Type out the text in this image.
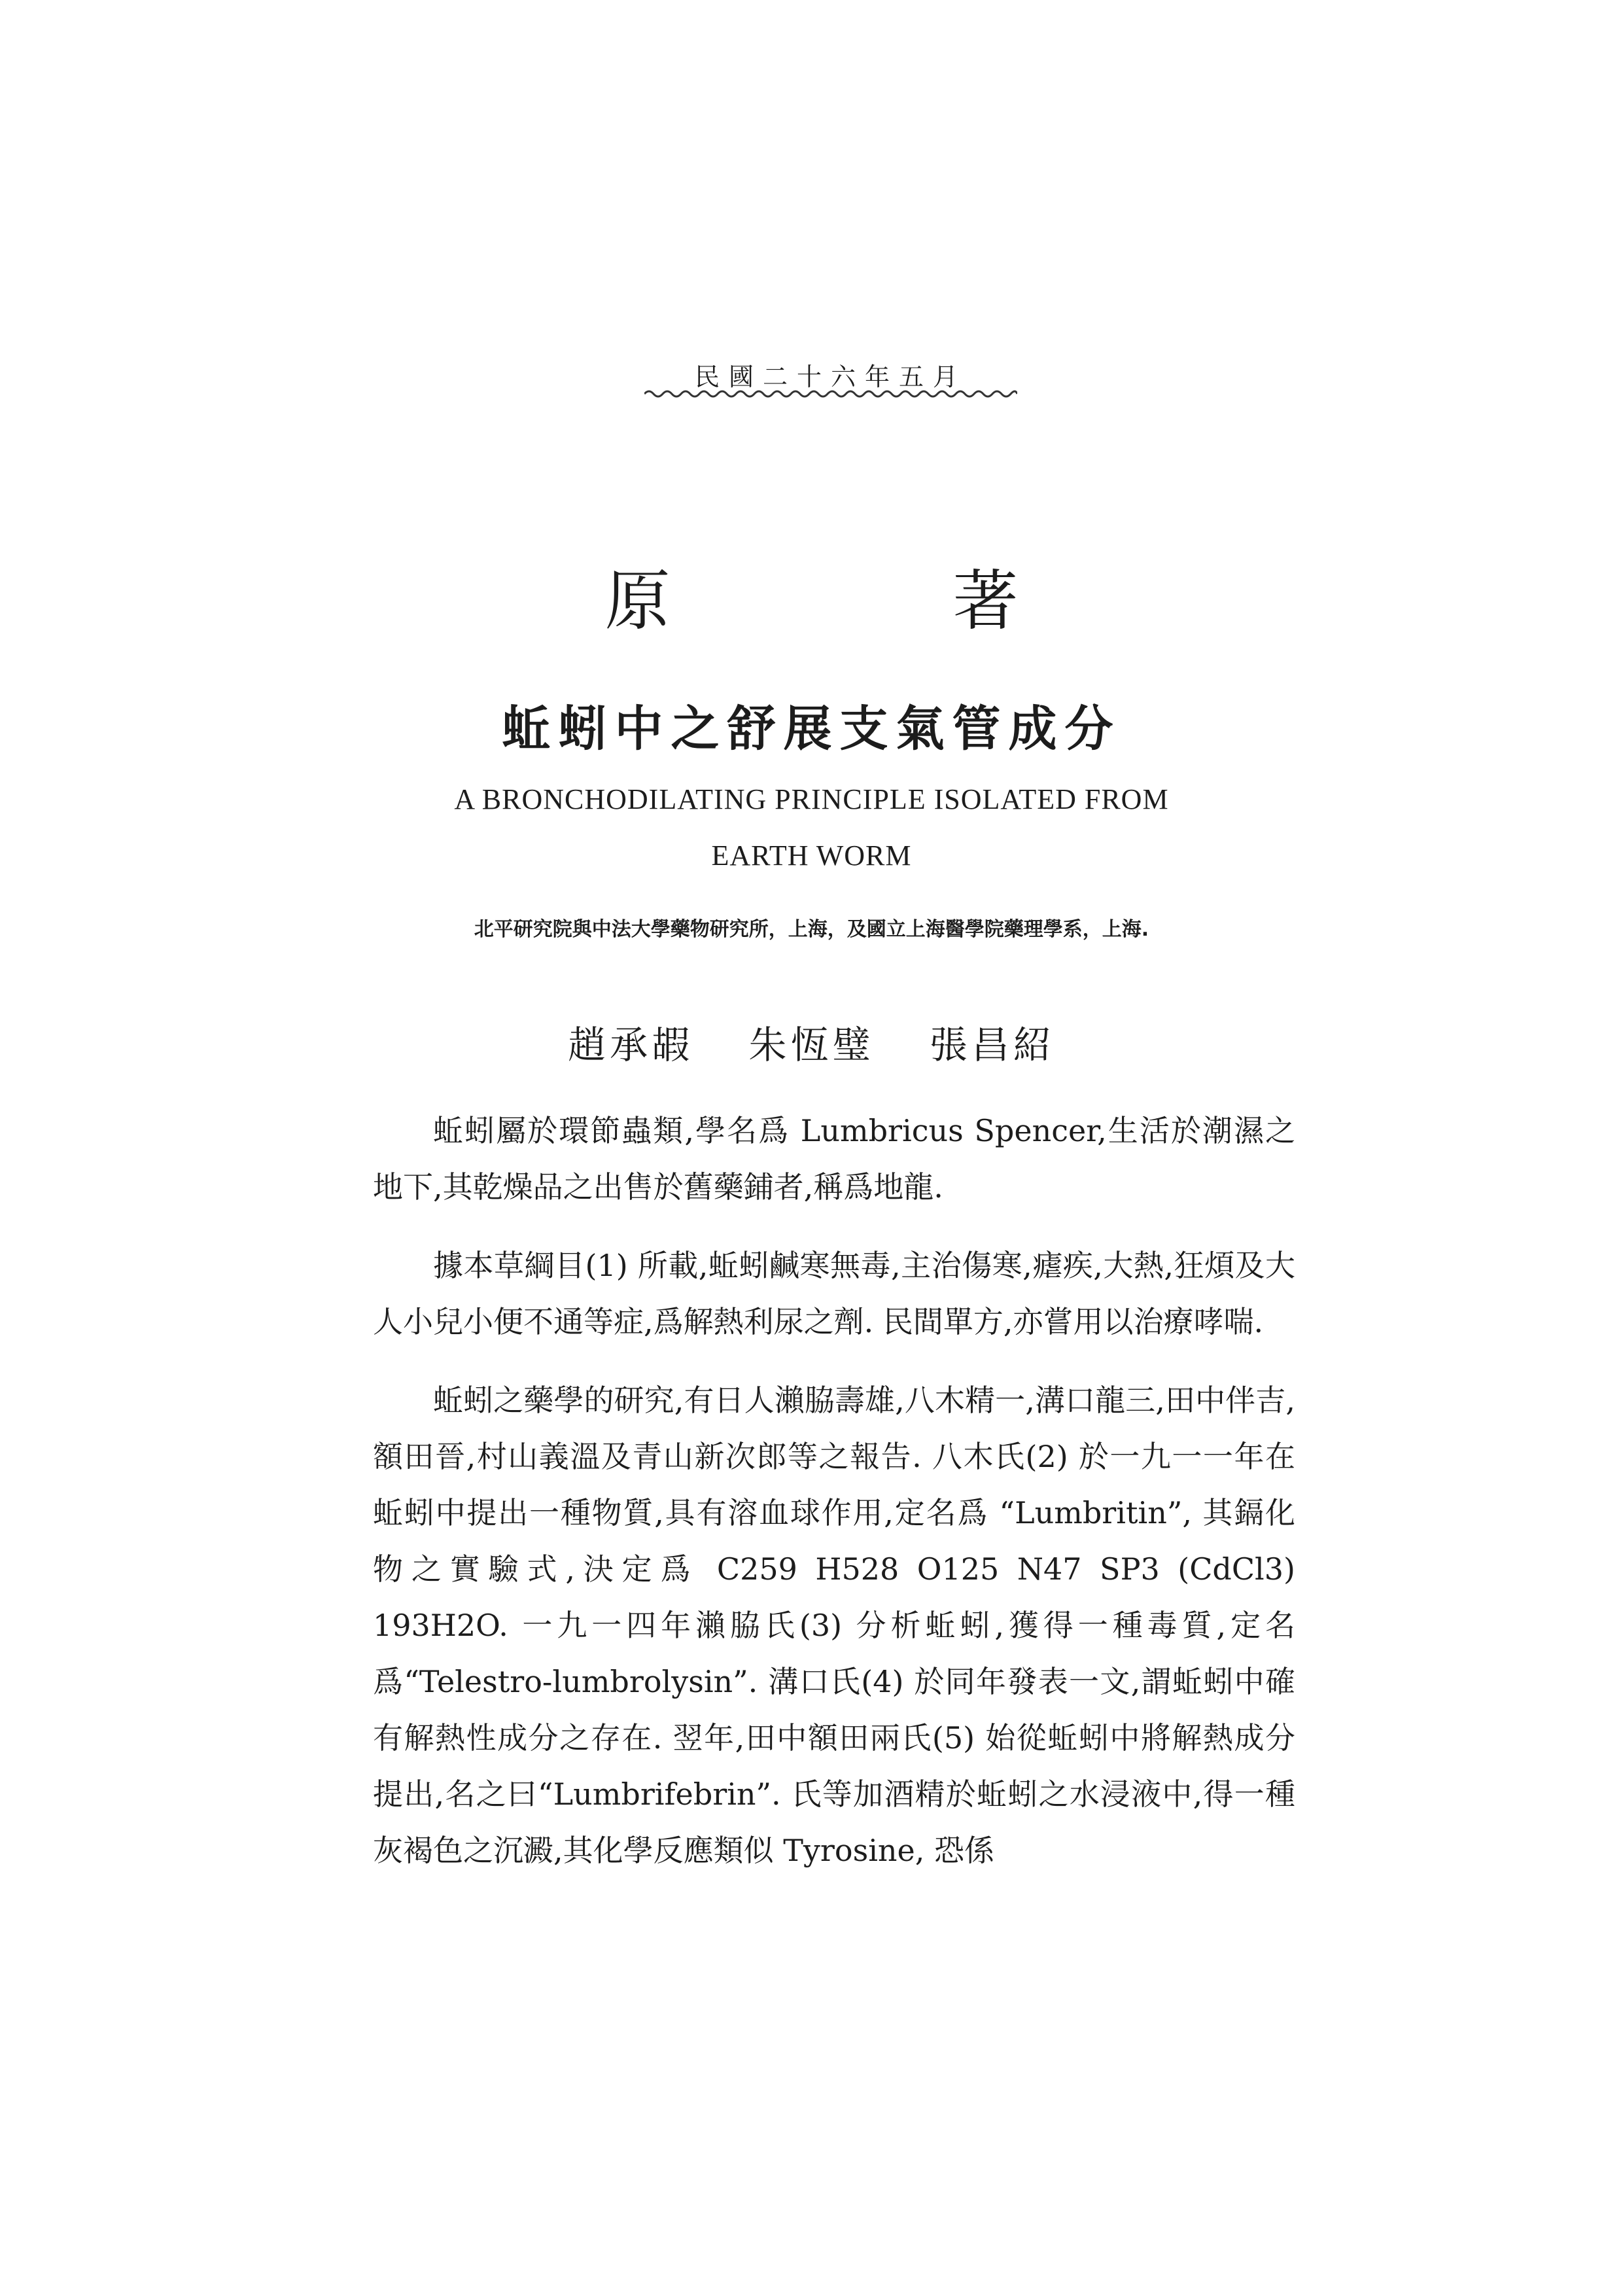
民國二十六年五月
原 著
蚯蚓中之舒展支氣管成分
A BRONCHODILATING PRINCIPLE ISOLATED FROM
EARTH WORM
北平研究院與中法大學藥物研究所，上海，及國立上海醫學院藥理學系，上海.
趙承嘏 朱恆璧 張昌紹

蚯蚓屬於環節蟲類,學名爲 Lumbricus Spencer,生活於潮濕之地下,其乾燥品之出售於舊藥鋪者,稱爲地龍.

據本草綱目(1) 所載,蚯蚓鹹寒無毒,主治傷寒,瘧疾,大熱,狂煩及大人小兒小便不通等症,爲解熱利尿之劑. 民間單方,亦嘗用以治療哮喘.

蚯蚓之藥學的研究,有日人瀨脇壽雄,八木精一,溝口龍三,田中伴吉,額田晉,村山義溫及青山新次郎等之報告. 八木氏(2) 於一九一一年在蚯蚓中提出一種物質,具有溶血球作用,定名爲 “Lumbritin”, 其鎘化物之實驗式,決定爲 C259 H528 O125 N47 SP3 (CdCl3) 193H2O. 一九一四年瀨脇氏(3) 分析蚯蚓,獲得一種毒質,定名爲“Telestro-lumbrolysin”. 溝口氏(4) 於同年發表一文,謂蚯蚓中確有解熱性成分之存在. 翌年,田中額田兩氏(5) 始從蚯蚓中將解熱成分提出,名之曰“Lumbrifebrin”. 氏等加酒精於蚯蚓之水浸液中,得一種灰褐色之沉澱,其化學反應類似 Tyrosine, 恐係
